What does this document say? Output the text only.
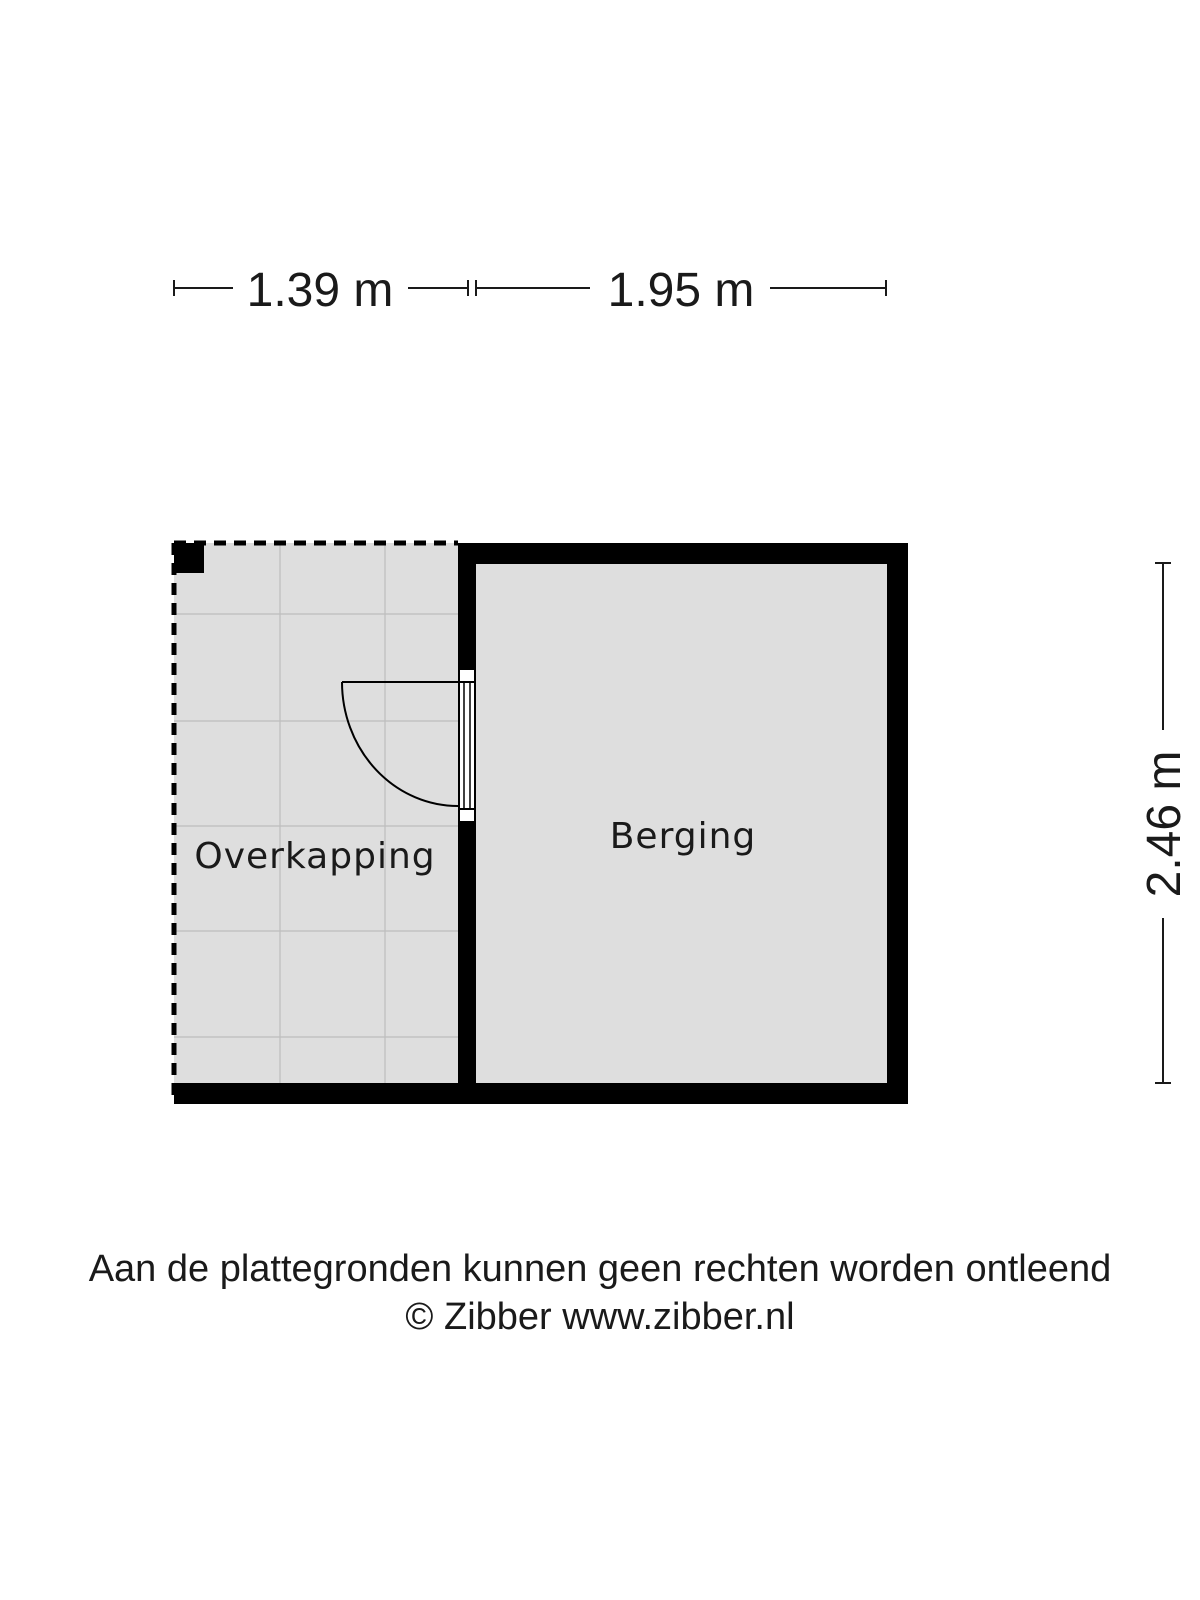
1.39 m	1.95 m
2.46 m
Overkapping	Berging
Aan de plattegronden kunnen geen rechten worden ontleend
© Zibber www.zibber.nl
